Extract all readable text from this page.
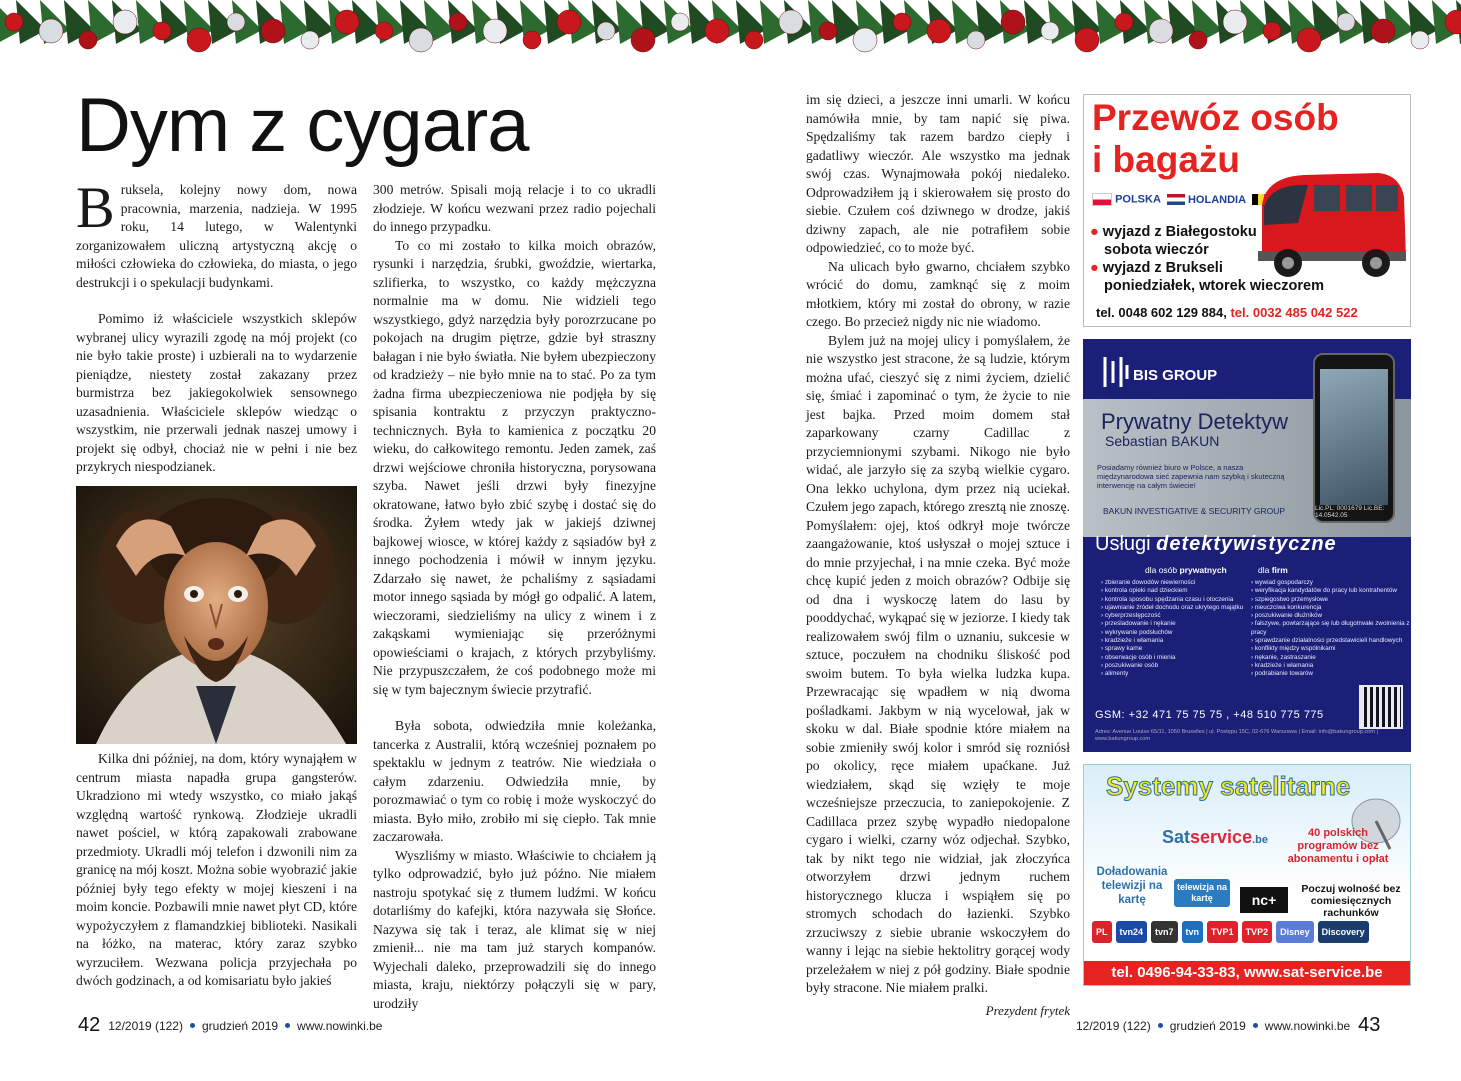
Dym z cygara

Bruksela, kolejny nowy dom, nowa pracownia, marzenia, nadzieja. W 1995 roku, 14 lutego, w Walentynki zorganizowałem uliczną artystyczną akcję o miłości człowieka do człowieka, do miasta, o jego destrukcji i o spekulacji budynkami.

Pomimo iż właściciele wszystkich sklepów wybranej ulicy wyrazili zgodę na mój projekt (co nie było takie proste) i uzbierali na to wydarzenie pieniądze, niestety został zakazany przez burmistrza bez jakiegokolwiek sensownego uzasadnienia. Właściciele sklepów wiedząc o wszystkim, nie przerwali jednak naszej umowy i projekt się odbył, chociaż nie w pełni i nie bez przykrych niespodzianek.

Kilka dni później, na dom, który wynająłem w centrum miasta napadła grupa gangsterów. Ukradziono mi wtedy wszystko, co miało jakąś względną wartość rynkową. Złodzieje ukradli nawet pościel, w którą zapakowali zrabowane przedmioty. Ukradli mój telefon i dzwonili nim za granicę na mój koszt. Można sobie wyobrazić jakie później były tego efekty w mojej kieszeni i na moim koncie. Pozbawili mnie nawet płyt CD, które wypożyczyłem z flamandzkiej biblioteki. Nasikali na łóżko, na materac, który zaraz szybko wyrzuciłem. Wezwana policja przyjechała po dwóch godzinach, a od komisariatu było jakieś

300 metrów. Spisali moją relacje i to co ukradli złodzieje. W końcu wezwani przez radio pojechali do innego przypadku.

To co mi zostało to kilka moich obrazów, rysunki i narzędzia, śrubki, gwoździe, wiertarka, szlifierka, to wszystko, co każdy mężczyzna normalnie ma w domu. Nie widzieli tego wszystkiego, gdyż narzędzia były porozrzucane po pokojach na drugim piętrze, gdzie był straszny bałagan i nie było światła. Nie byłem ubezpieczony od kradzieży – nie było mnie na to stać. Po za tym żadna firma ubezpieczeniowa nie podjęła by się spisania kontraktu z przyczyn praktyczno-technicznych. Była to kamienica z początku 20 wieku, do całkowitego remontu. Jeden zamek, zaś drzwi wejściowe chroniła historyczna, porysowana szyba. Nawet jeśli drzwi były finezyjne okratowane, łatwo było zbić szybę i dostać się do środka. Żyłem wtedy jak w jakiejś dziwnej bajkowej wiosce, w której każdy z sąsiadów był z innego pochodzenia i mówił w innym języku. Zdarzało się nawet, że pchaliśmy z sąsiadami motor innego sąsiada by mógł go odpalić. A latem, wieczorami, siedzieliśmy na ulicy z winem i z zakąskami wymieniając się przeróżnymi opowieściami o krajach, z których przybyliśmy. Nie przypuszczałem, że coś podobnego może mi się w tym bajecznym świecie przytrafić.

Była sobota, odwiedziła mnie koleżanka, tancerka z Australii, którą wcześniej poznałem po spektaklu w jednym z teatrów. Nie wiedziała o całym zdarzeniu. Odwiedziła mnie, by porozmawiać o tym co robię i może wyskoczyć do miasta. Było miło, zrobiło mi się ciepło. Tak mnie zaczarowała.

Wyszliśmy w miasto. Właściwie to chciałem ją tylko odprowadzić, było już późno. Nie miałem nastroju spotykać się z tłumem ludźmi. W końcu dotarliśmy do kafejki, która nazywała się Słońce. Nazywa się tak i teraz, ale klimat się w niej zmienił... nie ma tam już starych kompanów. Wyjechali daleko, przeprowadzili się do innego miasta, kraju, niektórzy połączyli się w pary, urodziły

im się dzieci, a jeszcze inni umarli. W końcu namówiła mnie, by tam napić się piwa. Spędzaliśmy tak razem bardzo ciepły i gadatliwy wieczór. Ale wszystko ma jednak swój czas. Wynajmowała pokój niedaleko. Odprowadziłem ją i skierowałem się prosto do siebie. Czułem coś dziwnego w drodze, jakiś dziwny zapach, ale nie potrafiłem sobie odpowiedzieć, co to może być.

Na ulicach było gwarno, chciałem szybko wrócić do domu, zamknąć się z moim młotkiem, który mi został do obrony, w razie czego. Bo przecież nigdy nic nie wiadomo.

Bylem już na mojej ulicy i pomyślałem, że nie wszystko jest stracone, że są ludzie, którym można ufać, cieszyć się z nimi życiem, dzielić się, śmiać i zapominać o tym, że życie to nie jest bajka. Przed moim domem stał zaparkowany czarny Cadillac z przyciemnionymi szybami. Nikogo nie było widać, ale jarzyło się za szybą wielkie cygaro. Ona lekko uchylona, dym przez nią uciekał. Czułem jego zapach, którego zresztą nie znoszę. Pomyślałem: ojej, ktoś odkrył moje twórcze zaangażowanie, ktoś usłyszał o mojej sztuce i do mnie przyjechał, i na mnie czeka. Być może chcę kupić jeden z moich obrazów? Odbije się od dna i wyskoczę latem do lasu by pooddychać, wykąpać się w jeziorze. I kiedy tak realizowałem swój film o uznaniu, sukcesie w sztuce, poczułem na chodniku śliskość pod swoim butem. To była wielka ludzka kupa. Przewracając się wpadłem w nią dwoma pośladkami. Jakbym w nią wycelował, jak w skoku w dal. Białe spodnie które miałem na sobie zmieniły swój kolor i smród się rozniósł po okolicy, ręce miałem upaćkane. Już wiedziałem, skąd się wzięły te moje wcześniejsze przeczucia, to zaniepokojenie. Z Cadillaca przez szybę wypadło niedopalone cygaro i wielki, czarny wóz odjechał. Szybko, tak by nikt tego nie widział, jak złoczyńca otworzyłem drzwi jednym ruchem historycznego klucza i wspiąłem się po stromych schodach do łazienki. Szybko zrzuciwszy z siebie ubranie wskoczyłem do wanny i lejąc na siebie hektolitry gorącej wody przeleżałem w niej z pół godziny. Białe spodnie były stracone. Nie miałem pralki.

Prezydent frytek
42 12/2019 (122) grudzień 2019 www.nowinki.be	12/2019 (122) grudzień 2019 www.nowinki.be 43
Przewóz osób
i bagażu
POLSKA	HOLANDIA
● wyjazd z Białegostoku
sobota wieczór
● wyjazd z Brukseli
poniedziałek, wtorek wieczorem
tel. 0048 602 129 884, tel. 0032 485 042 522
BIS GROUP
Prywatny Detektyw
Sebastian BAKUN
Posiadamy również biuro w Polsce, a nasza międzynarodowa sieć zapewnia nam szybką i skuteczną interwencję na całym świecie!
BAKUN INVESTIGATIVE & SECURITY GROUP	Lic.PL: 0001679 Lic.BE: 14.0542.05
Usługi detektywistyczne
dla osób prywatnych	dla firm
› zbieranie dowodów niewierności
› kontrola opieki nad dzieckiem
› kontrola sposobu spędzania czasu i otoczenia
› ujawnianie źródeł dochodu oraz ukrytego majątku
› cyberprzestępczość
› prześladowanie i nękanie
› wykrywanie podsłuchów
› kradzieże i włamania
› sprawy karne
› obserwacje osób i mienia
› poszukiwanie osób
› alimenty
› wywiad gospodarczy
› weryfikacja kandydatów do pracy lub kontrahentów
› szpiegostwo przemysłowe
› nieuczciwa konkurencja
› poszukiwanie dłużników
› fałszywe, powtarzające się lub długotrwałe zwolnienia z pracy
› sprawdzanie działalności przedstawicieli handlowych
› konflikty między wspólnikami
› nękanie, zastraszanie
› kradzieże i włamania
› podrabianie towarów
GSM: +32 471 75 75 75 , +48 510 775 775
Adres: Avenue Louise 65/11, 1050 Bruxelles | ul. Postępu 15C, 02-676 Warszawa | Email: info@bakungroup.com | www.bakungroup.com
Systemy satelitarne
Satservice.be
40 polskich programów bez abonamentu i opłat
Doładowania telewizji na kartę
telewizja na kartę	nc+
Poczuj wolność bez comiesięcznych rachunków
PL	tvn24	tvn7	tvn	TVP1	TVP2	Disney	Discovery
tel. 0496-94-33-83, www.sat-service.be
